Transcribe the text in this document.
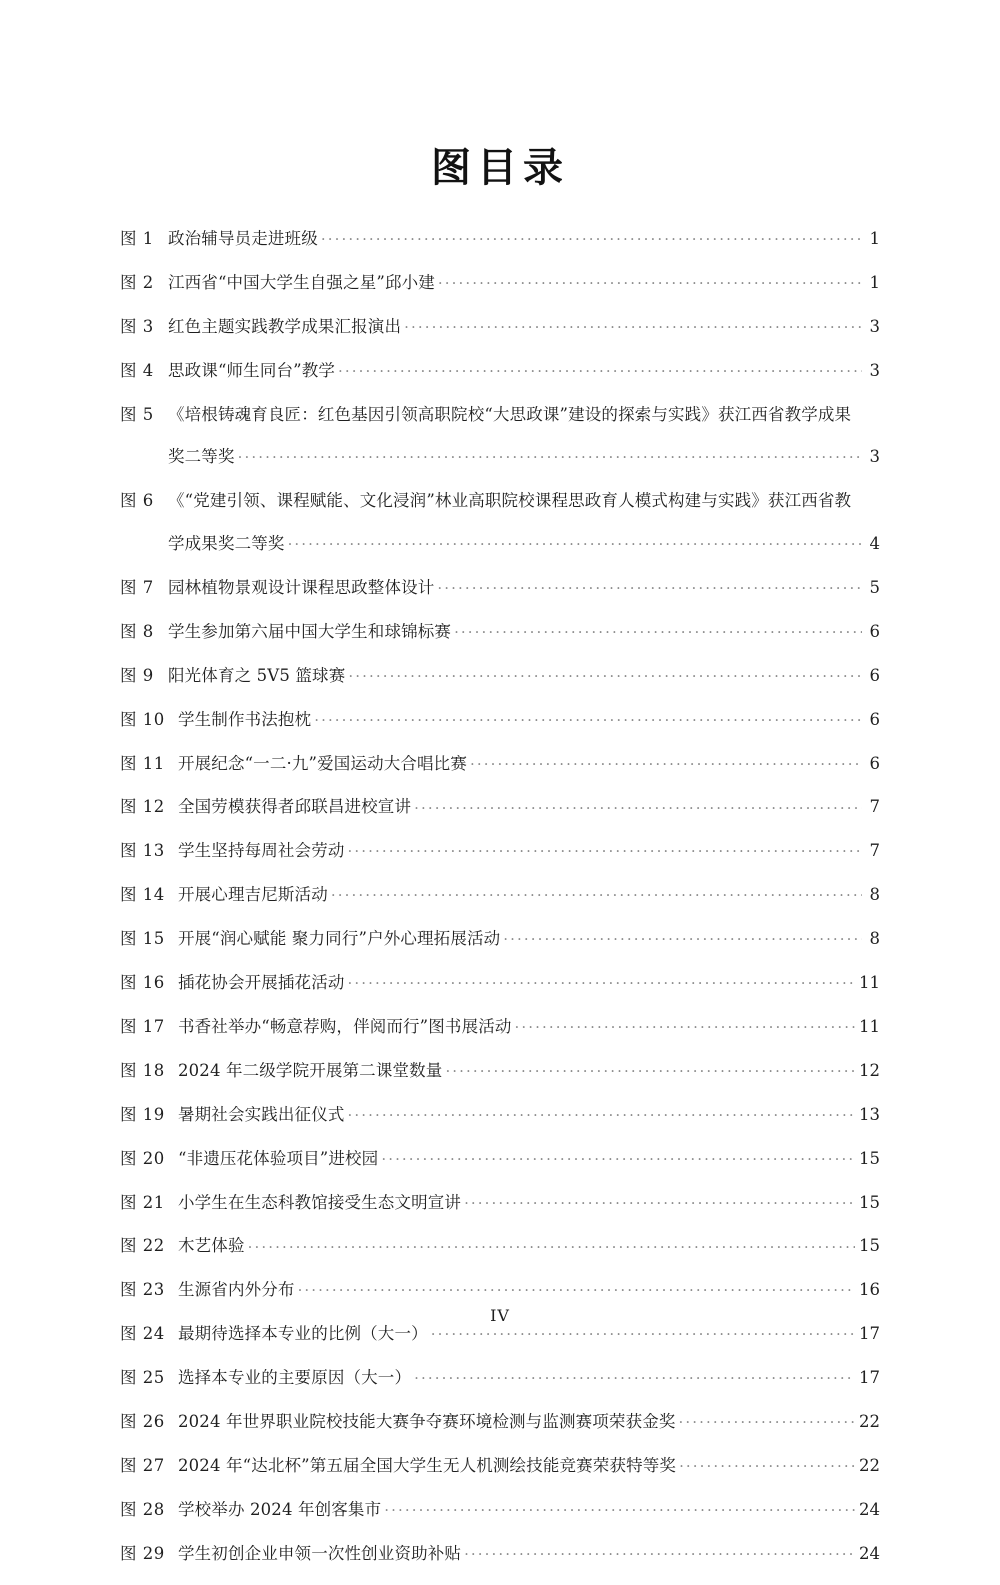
图目录
图 1 政治辅导员走进班级 .....	1
图 2 江西省“中国大学生自强之星”邱小建 .....	1
图 3 红色主题实践教学成果汇报演出 .....	3
图 4 思政课“师生同台”教学 .....	3
图 5 《培根铸魂育良匠：红色基因引领高职院校“大思政课”建设的探索与实践》获江西省教学成果
奖二等奖 .....	3
图 6 《“党建引领、课程赋能、文化浸润”林业高职院校课程思政育人模式构建与实践》获江西省教
学成果奖二等奖 .....	4
图 7 园林植物景观设计课程思政整体设计 .....	5
图 8 学生参加第六届中国大学生和球锦标赛 .....	6
图 9 阳光体育之 5V5 篮球赛 .....	6
图 10 学生制作书法抱枕 .....	6
图 11 开展纪念“一二·九”爱国运动大合唱比赛 .....	6
图 12 全国劳模获得者邱联昌进校宣讲 .....	7
图 13 学生坚持每周社会劳动 .....	7
图 14 开展心理吉尼斯活动 .....	8
图 15 开展“润心赋能 聚力同行”户外心理拓展活动 .....	8
图 16 插花协会开展插花活动 .....	11
图 17 书香社举办“畅意荐购，伴阅而行”图书展活动 .....	11
图 18 2024 年二级学院开展第二课堂数量 .....	12
图 19 暑期社会实践出征仪式 .....	13
图 20 “非遗压花体验项目”进校园 .....	15
图 21 小学生在生态科教馆接受生态文明宣讲 .....	15
图 22 木艺体验 .....	15
图 23 生源省内外分布 .....	16
图 24 最期待选择本专业的比例（大一） .....	17
图 25 选择本专业的主要原因（大一） .....	17
图 26 2024 年世界职业院校技能大赛争夺赛环境检测与监测赛项荣获金奖 .....	22
图 27 2024 年“达北杯”第五届全国大学生无人机测绘技能竞赛荣获特等奖 .....	22
图 28 学校举办 2024 年创客集市 .....	24
图 29 学生初创企业申领一次性创业资助补贴 .....	24
IV
